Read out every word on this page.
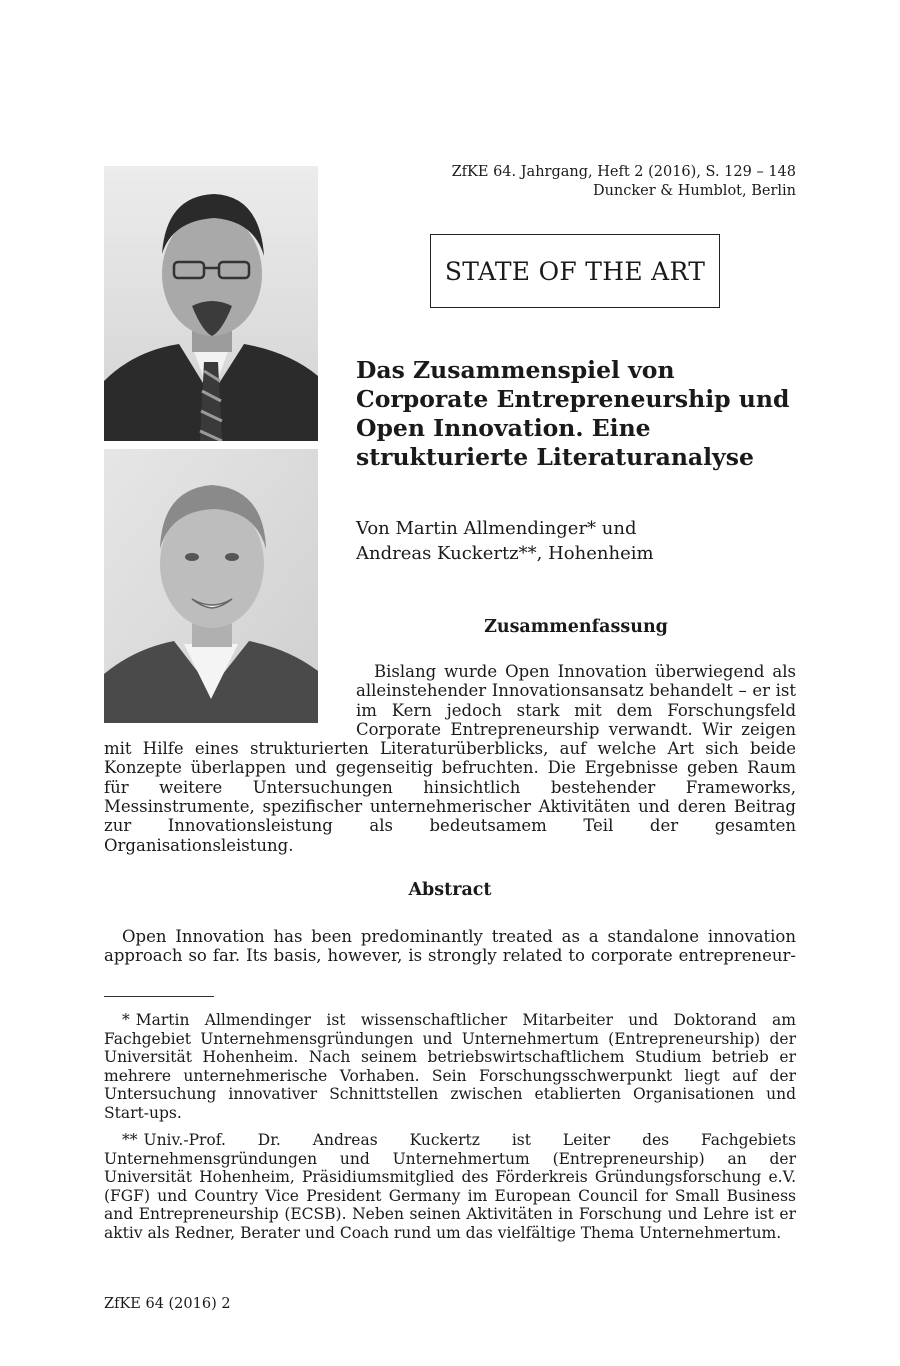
ZfKE 64. Jahrgang, Heft 2 (2016), S. 129 – 148
Duncker & Humblot, Berlin
STATE OF THE ART
Das Zusammenspiel von Corporate Entrepreneurship und Open Innovation. Eine strukturierte Literaturanalyse
Von Martin Allmendinger* und
Andreas Kuckertz**, Hohenheim
Zusammenfassung

Bislang wurde Open Innovation überwiegend als alleinstehender Innovationsansatz behandelt – er ist im Kern jedoch stark mit dem Forschungsfeld Corporate Entrepreneurship verwandt. Wir zeigen mit Hilfe eines strukturierten Literaturüberblicks, auf welche Art sich beide Konzepte überlappen und gegenseitig befruchten. Die Ergebnisse geben Raum für weitere Untersuchungen hinsichtlich bestehender Frameworks, Messinstrumente, spezifischer unternehmerischer Aktivitäten und deren Beitrag zur Innovationsleistung als bedeutsamem Teil der gesamten Organisationsleistung.

Abstract

Open Innovation has been predominantly treated as a standalone innovation approach so far. Its basis, however, is strongly related to corporate entrepreneur-

* Martin Allmendinger ist wissenschaftlicher Mitarbeiter und Doktorand am Fachgebiet Unternehmensgründungen und Unternehmertum (Entrepreneurship) der Universität Hohenheim. Nach seinem betriebswirtschaftlichem Studium betrieb er mehrere unternehmerische Vorhaben. Sein Forschungsschwerpunkt liegt auf der Untersuchung innovativer Schnittstellen zwischen etablierten Organisationen und Start-ups.

** Univ.-Prof. Dr. Andreas Kuckertz ist Leiter des Fachgebiets Unternehmensgründungen und Unternehmertum (Entrepreneurship) an der Universität Hohenheim, Präsidiumsmitglied des Förderkreis Gründungsforschung e.V. (FGF) und Country Vice President Germany im European Council for Small Business and Entrepreneurship (ECSB). Neben seinen Aktivitäten in Forschung und Lehre ist er aktiv als Redner, Berater und Coach rund um das vielfältige Thema Unternehmertum.

ZfKE 64 (2016) 2
